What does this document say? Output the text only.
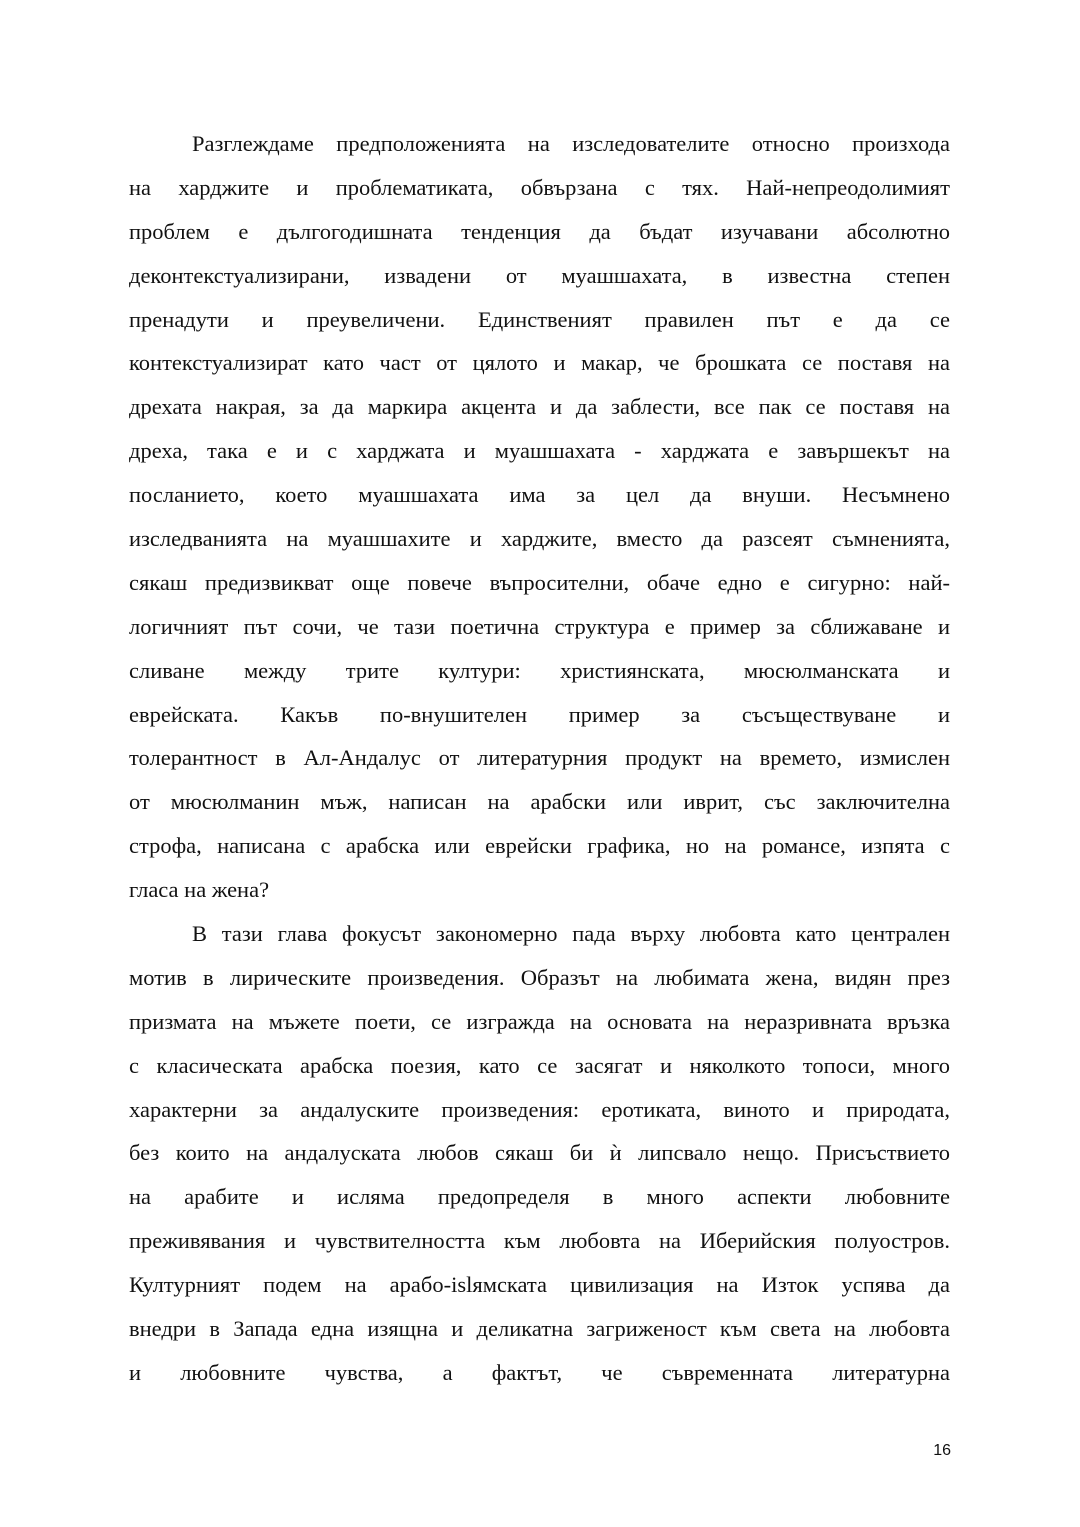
Разглеждаме предположенията на изследователите относно произхода
на харджите и проблематиката, обвързана с тях. Най-непреодолимият
проблем е дългогодишната тенденция да бъдат изучавани абсолютно
деконтекстуализирани, извадени от муашшахата, в известна степен
пренадути и преувеличени. Единственият правилен път е да се
контекстуализират като част от цялото и макар, че брошката се поставя на
дрехата накрая, за да маркира акцента и да заблести, все пак се поставя на
дреха, така е и с харджата и муашшахата - харджата е завършекът на
посланието, което муашшахата има за цел да внуши. Несъмнено
изследванията на муашшахите и харджите, вместо да разсеят съмненията,
сякаш предизвикват още повече въпросителни, обаче едно е сигурно: най-
логичният път сочи, че тази поетична структура е пример за сближаване и
сливане между трите култури: християнската, мюсюлманската и
еврейската. Какъв по-внушителен пример за съсъществуване и
толерантност в Ал-Андалус от литературния продукт на времето, измислен
от мюсюлманин мъж, написан на арабски или иврит, със заключителна
строфа, написана с арабска или еврейски графика, но на романсе, изпята с
гласа на жена?
В тази глава фокусът закономерно пада върху любовта като централен
мотив в лирическите произведения. Образът на любимата жена, видян през
призмата на мъжете поети, се изгражда на основата на неразривната връзка
с класическата арабска поезия, като се засягат и няколкото топоси, много
характерни за андалуските произведения: еротиката, виното и природата,
без които на андалуската любов сякаш би ѝ липсвало нещо. Присъствието
на арабите и исляма предопределя в много аспекти любовните
преживявания и чувствителността към любовта на Иберийския полуостров.
Културният подем на арабо-islямската цивилизация на Изток успява да
внедри в Запада една изящна и деликатна загриженост към света на любовта
и любовните чувства, а фактът, че съвременната литературна
16
